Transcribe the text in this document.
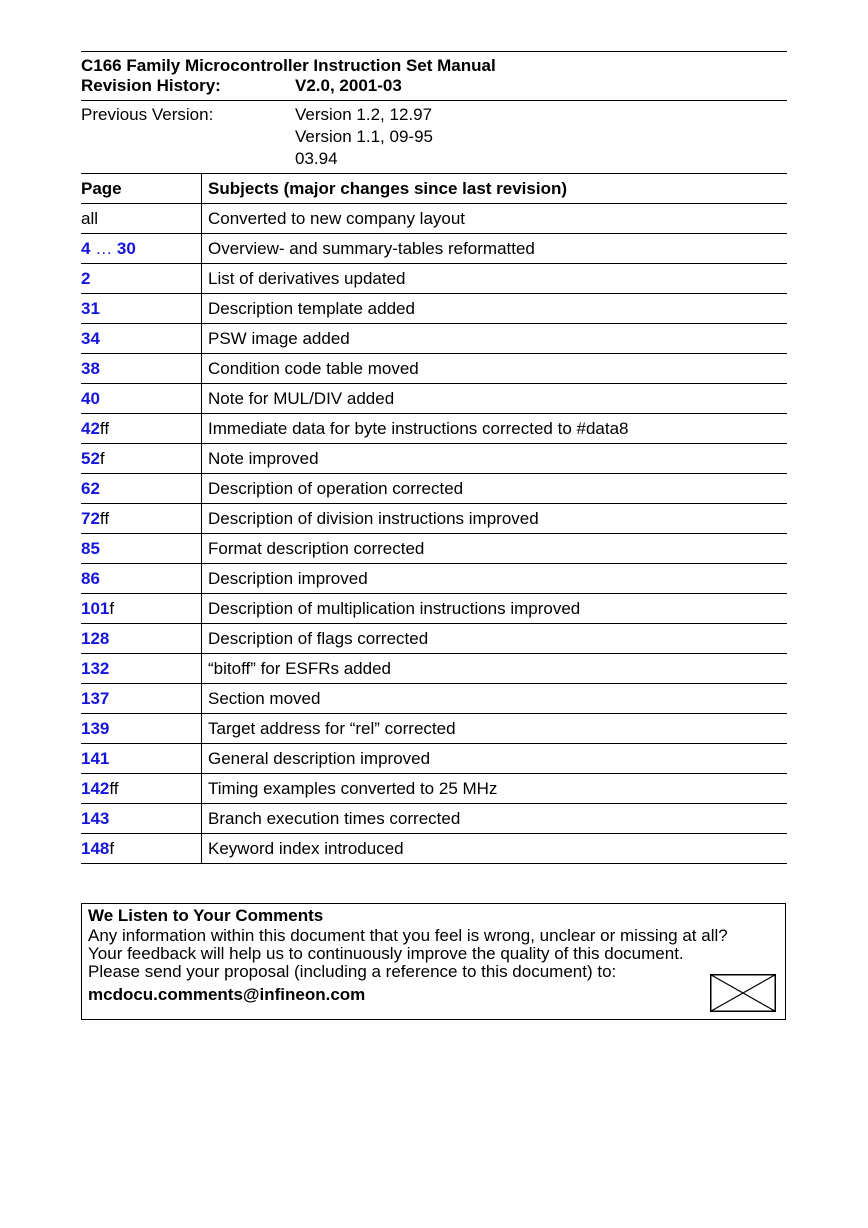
C166 Family Microcontroller Instruction Set Manual
Revision History:	V2.0, 2001-03
Previous Version:	Version 1.2, 12.97
Version 1.1, 09-95
03.94
Page	Subjects (major changes since last revision)
all	Converted to new company layout
4 … 30	Overview- and summary-tables reformatted
2	List of derivatives updated
31	Description template added
34	PSW image added
38	Condition code table moved
40	Note for MUL/DIV added
42ff	Immediate data for byte instructions corrected to #data8
52f	Note improved
62	Description of operation corrected
72ff	Description of division instructions improved
85	Format description corrected
86	Description improved
101f	Description of multiplication instructions improved
128	Description of flags corrected
132	“bitoff” for ESFRs added
137	Section moved
139	Target address for “rel” corrected
141	General description improved
142ff	Timing examples converted to 25 MHz
143	Branch execution times corrected
148f	Keyword index introduced
We Listen to Your Comments
Any information within this document that you feel is wrong, unclear or missing at all?
Your feedback will help us to continuously improve the quality of this document.
Please send your proposal (including a reference to this document) to:
mcdocu.comments@infineon.com
